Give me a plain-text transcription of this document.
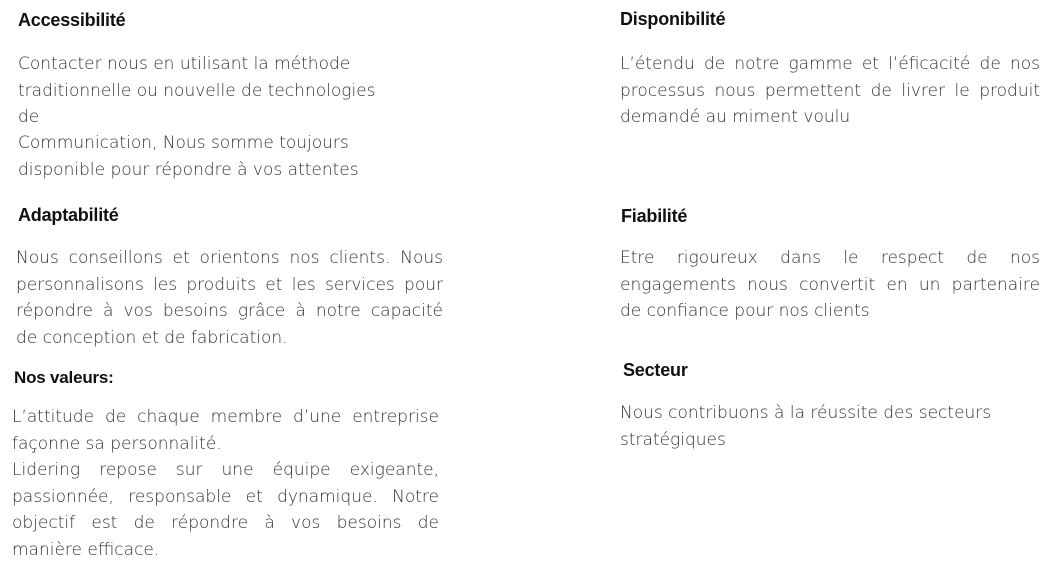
Accessibilité
Contacter nous en utilisant la méthode
traditionnelle ou nouvelle de technologies
de
Communication, Nous somme toujours
disponible pour répondre à vos attentes
Disponibilité
L’étendu de notre gamme et l’éficacité de nos
processus nous permettent de livrer le produit
demandé au miment voulu
Adaptabilité
Nous conseillons et orientons nos clients. Nous
personnalisons les produits et les services pour
répondre à vos besoins grâce à notre capacité
de conception et de fabrication.
Fiabilité
Etre rigoureux dans le respect de nos
engagements nous convertit en un partenaire
de confiance pour nos clients
Nos valeurs:
L’attitude de chaque membre d’une entreprise
façonne sa personnalité.
Lidering repose sur une équipe exigeante,
passionnée, responsable et dynamique. Notre
objectif est de répondre à vos besoins de
manière efficace.
Secteur
Nous contribuons à la réussite des secteurs
stratégiques
